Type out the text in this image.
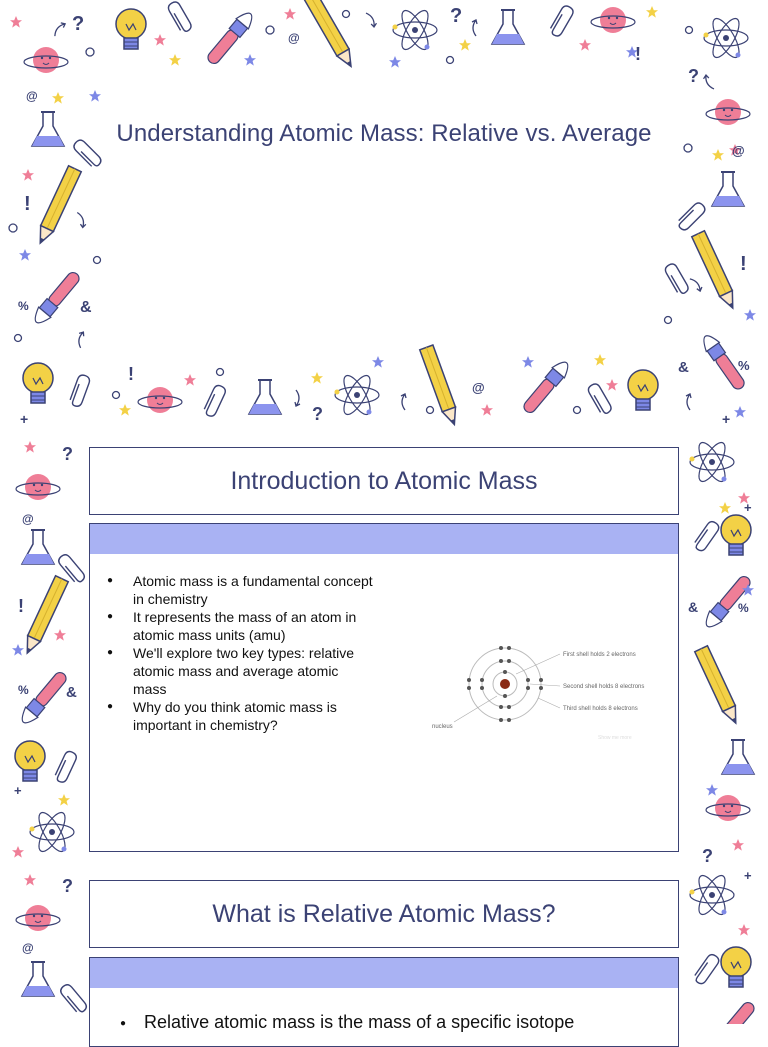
?	?
?
?
!
!
!
!
@
@
@
@
%
%
&
&
+	+
?
!
% &
@
&	%
?
+
+
?
@
+
Understanding Atomic Mass: Relative vs. Average
Introduction to Atomic Mass
● Atomic mass is a fundamental concept in chemistry
● It represents the mass of an atom in atomic mass units (amu)
● We'll explore two key types: relative atomic mass and average atomic mass
● Why do you think atomic mass is important in chemistry?
First shell holds 2 electrons
Second shell holds 8 electrons
Third shell holds 8 electrons
nucleus
Show me more
What is Relative Atomic Mass?
● Relative atomic mass is the mass of a specific isotope
